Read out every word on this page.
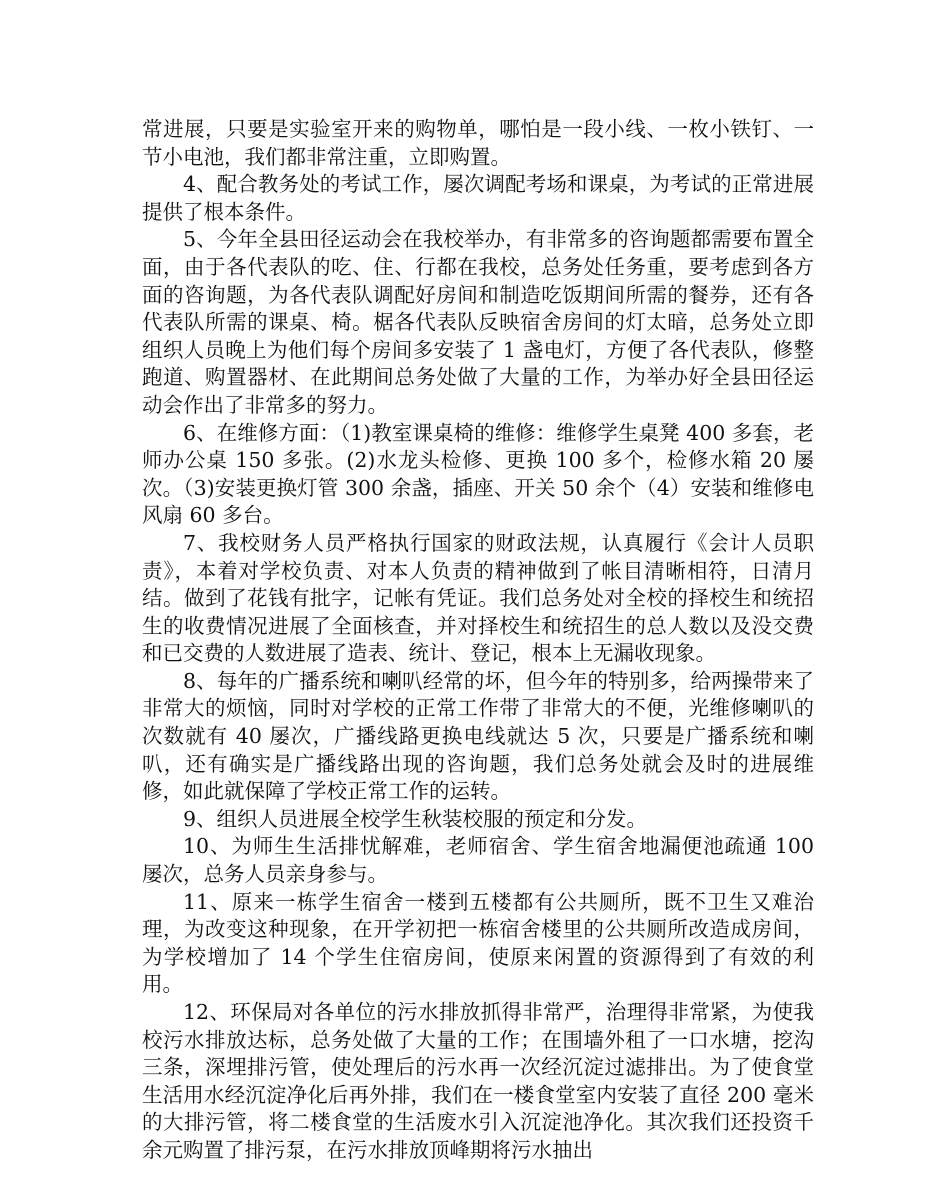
常进展，只要是实验室开来的购物单，哪怕是一段小线、一枚小铁钉、一节小电池，我们都非常注重，立即购置。

4、配合教务处的考试工作，屡次调配考场和课桌，为考试的正常进展提供了根本条件。

5、今年全县田径运动会在我校举办，有非常多的咨询题都需要布置全面，由于各代表队的吃、住、行都在我校，总务处任务重，要考虑到各方面的咨询题，为各代表队调配好房间和制造吃饭期间所需的餐券，还有各代表队所需的课桌、椅。椐各代表队反映宿舍房间的灯太暗，总务处立即组织人员晚上为他们每个房间多安装了 1 盏电灯，方便了各代表队，修整跑道、购置器材、在此期间总务处做了大量的工作，为举办好全县田径运动会作出了非常多的努力。

6、在维修方面：（1)教室课桌椅的维修：维修学生桌凳 400 多套，老师办公桌 150 多张。(2)水龙头检修、更换 100 多个，检修水箱 20 屡次。（3)安装更换灯管 300 余盏，插座、开关 50 余个（4）安装和维修电风扇 60 多台。

7、我校财务人员严格执行国家的财政法规，认真履行《会计人员职责》，本着对学校负责、对本人负责的精神做到了帐目清晰相符，日清月结。做到了花钱有批字，记帐有凭证。我们总务处对全校的择校生和统招生的收费情况进展了全面核查，并对择校生和统招生的总人数以及没交费和已交费的人数进展了造表、统计、登记，根本上无漏收现象。

8、每年的广播系统和喇叭经常的坏，但今年的特别多，给两操带来了非常大的烦恼，同时对学校的正常工作带了非常大的不便，光维修喇叭的次数就有 40 屡次，广播线路更换电线就达 5 次，只要是广播系统和喇叭，还有确实是广播线路出现的咨询题，我们总务处就会及时的进展维修，如此就保障了学校正常工作的运转。

9、组织人员进展全校学生秋装校服的预定和分发。

10、为师生生活排忧解难，老师宿舍、学生宿舍地漏便池疏通 100 屡次，总务人员亲身参与。

11、原来一栋学生宿舍一楼到五楼都有公共厕所，既不卫生又难治理，为改变这种现象，在开学初把一栋宿舍楼里的公共厕所改造成房间，为学校增加了 14 个学生住宿房间，使原来闲置的资源得到了有效的利用。

12、环保局对各单位的污水排放抓得非常严，治理得非常紧，为使我校污水排放达标，总务处做了大量的工作；在围墙外租了一口水塘，挖沟三条，深埋排污管，使处理后的污水再一次经沉淀过滤排出。为了使食堂生活用水经沉淀净化后再外排，我们在一楼食堂室内安装了直径 200 毫米的大排污管，将二楼食堂的生活废水引入沉淀池净化。其次我们还投资千余元购置了排污泵，在污水排放顶峰期将污水抽出
